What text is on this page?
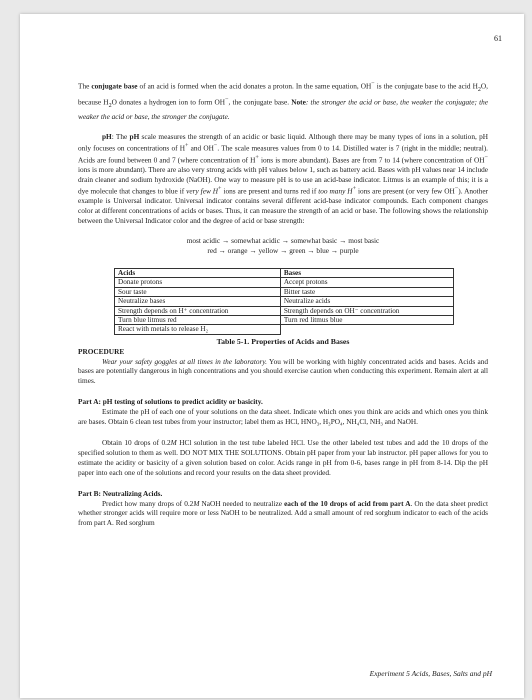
61

The conjugate base of an acid is formed when the acid donates a proton. In the same equation, OH− is the conjugate base to the acid $H_2O$, because $H_2O$ donates a hydrogen ion to form OH−, the conjugate base. Note: the stronger the acid or base, the weaker the conjugate; the weaker the acid or base, the stronger the conjugate.

pH: The pH scale measures the strength of an acidic or basic liquid. Although there may be many types of ions in a solution, pH only focuses on concentrations of H+ and OH−. The scale measures values from 0 to 14. Distilled water is 7 (right in the middle; neutral). Acids are found between 0 and 7 (where concentration of H+ ions is more abundant). Bases are from 7 to 14 (where concentration of OH− ions is more abundant). There are also very strong acids with pH values below 1, such as battery acid. Bases with pH values near 14 include drain cleaner and sodium hydroxide (NaOH). One way to measure pH is to use an acid-base indicator. Litmus is an example of this; it is a dye molecule that changes to blue if very few H+ ions are present and turns red if too many H+ ions are present (or very few OH−). Another example is Universal indicator. Universal indicator contains several different acid-base indicator compounds. Each component changes color at different concentrations of acids or bases. Thus, it can measure the strength of an acid or base. The following shows the relationship between the Universal Indicator color and the degree of acid or base strength:

most acidic → somewhat acidic → somewhat basic → most basic
red → orange → yellow → green → blue → purple
Acids	Bases
Donate protons	Accept protons
Sour taste	Bitter taste
Neutralize bases	Neutralize acids
Strength depends on H⁺ concentration	Strength depends on OH⁻ concentration
Turn blue litmus red	Turn red litmus blue
React with metals to release H₂	
Table 5-1. Properties of Acids and Bases

PROCEDURE

Wear your safety goggles at all times in the laboratory. You will be working with highly concentrated acids and bases. Acids and bases are potentially dangerous in high concentrations and you should exercise caution when conducting this experiment. Remain alert at all times.

Part A: pH testing of solutions to predict acidity or basicity.

Estimate the pH of each one of your solutions on the data sheet. Indicate which ones you think are acids and which ones you think are bases. Obtain 6 clean test tubes from your instructor; label them as HCl, HNO₃, H₃PO₄, NH₄Cl, NH₃ and NaOH.

Obtain 10 drops of 0.2M HCl solution in the test tube labeled HCl. Use the other labeled test tubes and add the 10 drops of the specified solution to them as well. DO NOT MIX THE SOLUTIONS. Obtain pH paper from your lab instructor. pH paper allows for you to estimate the acidity or basicity of a given solution based on color. Acids range in pH from 0-6, bases range in pH from 8-14. Dip the pH paper into each one of the solutions and record your results on the data sheet provided.

Part B: Neutralizing Acids.

Predict how many drops of 0.2M NaOH needed to neutralize each of the 10 drops of acid from part A. On the data sheet predict whether stronger acids will require more or less NaOH to be neutralized. Add a small amount of red sorghum indicator to each of the acids from part A. Red sorghum

Experiment 5 Acids, Bases, Salts and pH
